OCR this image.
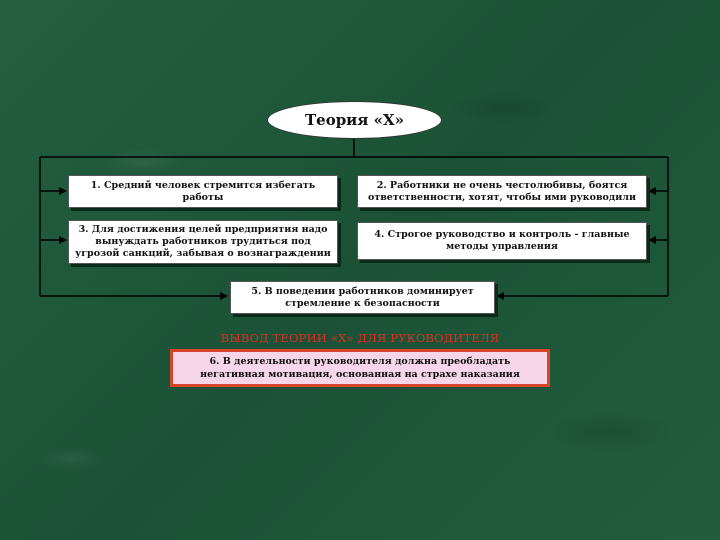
Теория «Х»
1. Средний человек стремится избегать работы
2. Работники не очень честолюбивы, боятся ответственности, хотят, чтобы ими руководили
3. Для достижения целей предприятия надо вынуждать работников трудиться под угрозой санкций, забывая о вознаграждении
4. Строгое руководство и контроль - главные методы управления
5. В поведении работников доминирует стремление к безопасности
ВЫВОД ТЕОРИИ «Х» ДЛЯ РУКОВОДИТЕЛЯ
6. В деятельности руководителя должна преобладать негативная мотивация, основанная на страхе наказания
